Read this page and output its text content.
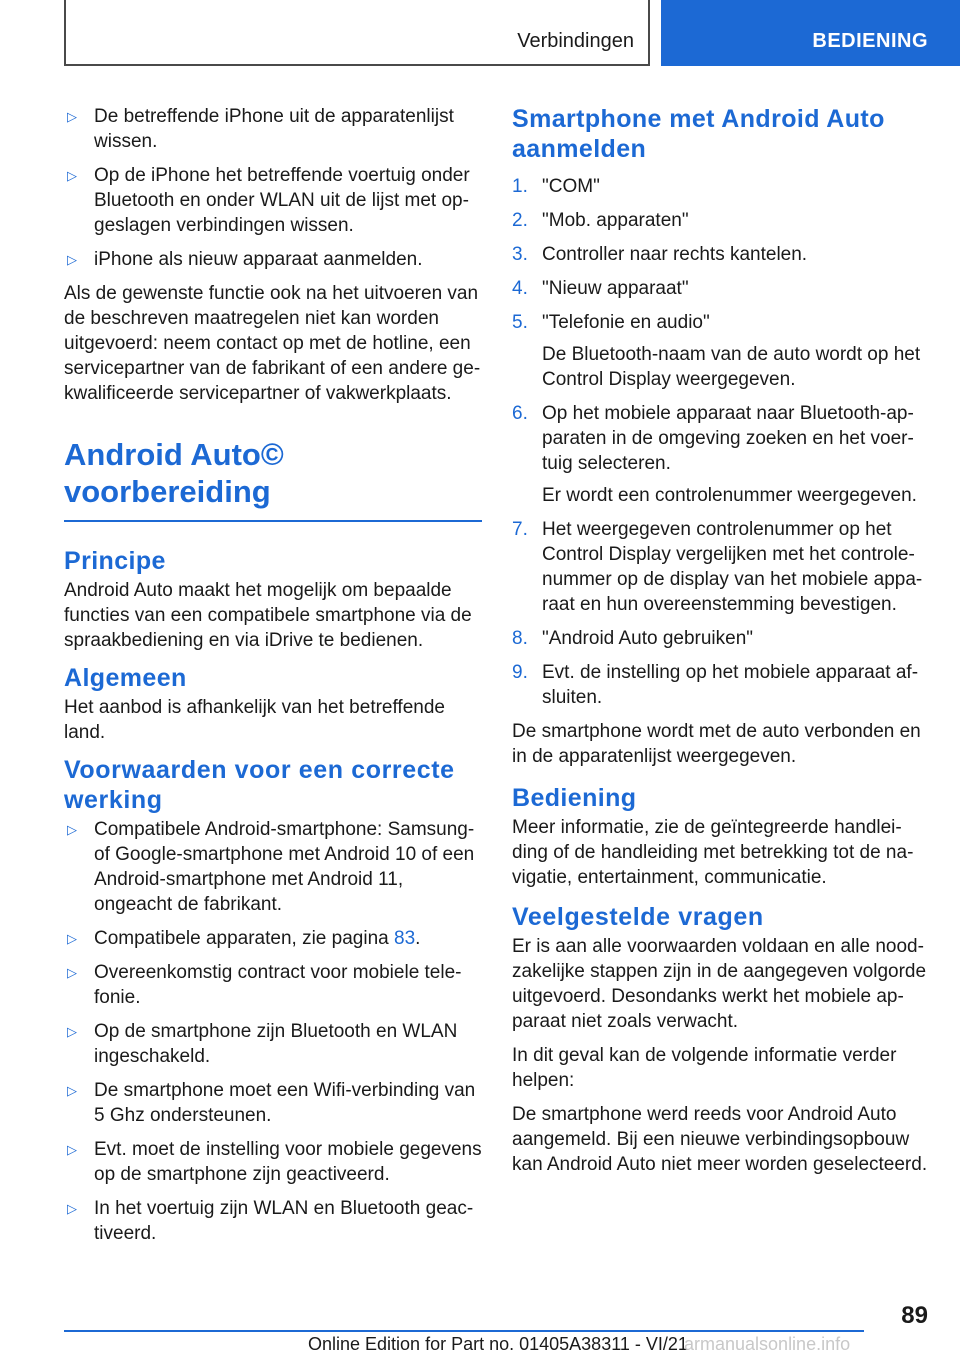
Verbindingen	BEDIENING
▷ De betreffende iPhone uit de apparatenlijst wissen.
▷ Op de iPhone het betreffende voertuig onder Bluetooth en onder WLAN uit de lijst met opgeslagen verbindingen wissen.
▷ iPhone als nieuw apparaat aanmelden.

Als de gewenste functie ook na het uitvoeren van de beschreven maatregelen niet kan worden uitgevoerd: neem contact op met de hotline, een servicepartner van de fabrikant of een andere gekwalificeerde servicepartner of vakwerkplaats.

Android Auto© voorbereiding
Principe

Android Auto maakt het mogelijk om bepaalde functies van een compatibele smartphone via de spraakbediening en via iDrive te bedienen.

Algemeen

Het aanbod is afhankelijk van het betreffende land.

Voorwaarden voor een correcte werking
▷ Compatibele Android-smartphone: Samsung- of Google-smartphone met Android 10 of een Android-smartphone met Android 11, ongeacht de fabrikant.
▷ Compatibele apparaten, zie pagina 83.
▷ Overeenkomstig contract voor mobiele telefonie.
▷ Op de smartphone zijn Bluetooth en WLAN ingeschakeld.
▷ De smartphone moet een Wifi-verbinding van 5 Ghz ondersteunen.
▷ Evt. moet de instelling voor mobiele gegevens op de smartphone zijn geactiveerd.
▷ In het voertuig zijn WLAN en Bluetooth geactiveerd.
Smartphone met Android Auto aanmelden
1. "COM"
2. "Mob. apparaten"
3. Controller naar rechts kantelen.
4. "Nieuw apparaat"
5. "Telefonie en audio"

De Bluetooth-naam van de auto wordt op het Control Display weergegeven.

6. Op het mobiele apparaat naar Bluetooth-apparaten in de omgeving zoeken en het voertuig selecteren.

Er wordt een controlenummer weergegeven.

7. Het weergegeven controlenummer op het Control Display vergelijken met het controlenummer op de display van het mobiele apparaat en hun overeenstemming bevestigen.
8. "Android Auto gebruiken"
9. Evt. de instelling op het mobiele apparaat afsluiten.

De smartphone wordt met de auto verbonden en in de apparatenlijst weergegeven.

Bediening

Meer informatie, zie de geïntegreerde handleiding of de handleiding met betrekking tot de navigatie, entertainment, communicatie.

Veelgestelde vragen

Er is aan alle voorwaarden voldaan en alle noodzakelijke stappen zijn in de aangegeven volgorde uitgevoerd. Desondanks werkt het mobiele apparaat niet zoals verwacht.

In dit geval kan de volgende informatie verder helpen:

De smartphone werd reeds voor Android Auto aangemeld. Bij een nieuwe verbindingsopbouw kan Android Auto niet meer worden geselecteerd.

89
Online Edition for Part no. 01405A38311 - VI/21
armanualsonline.info
